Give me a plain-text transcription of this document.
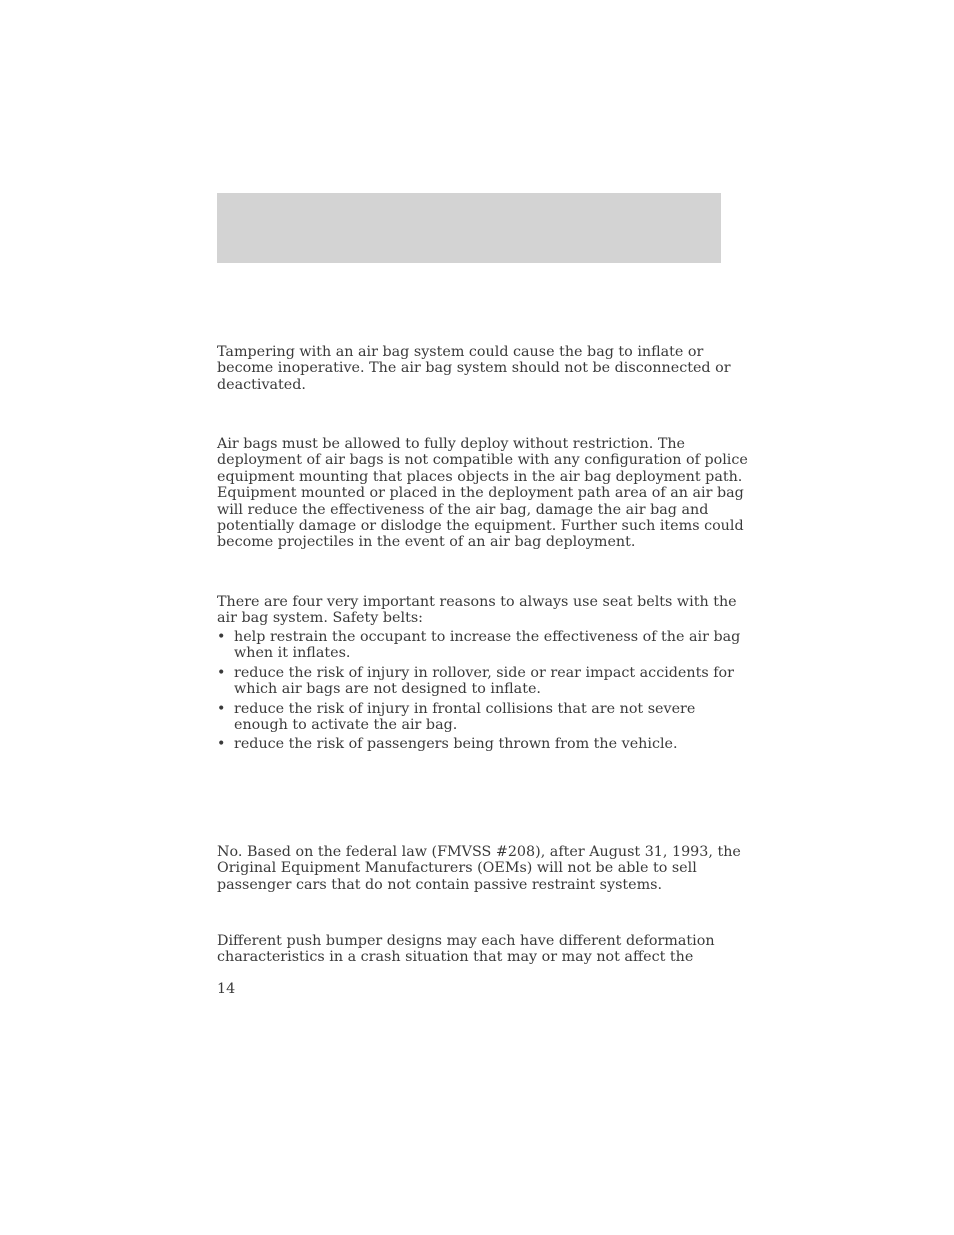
Tampering with an air bag system could cause the bag to inflate or
become inoperative. The air bag system should not be disconnected or
deactivated.

Air bags must be allowed to fully deploy without restriction. The
deployment of air bags is not compatible with any configuration of police
equipment mounting that places objects in the air bag deployment path.
Equipment mounted or placed in the deployment path area of an air bag
will reduce the effectiveness of the air bag, damage the air bag and
potentially damage or dislodge the equipment. Further such items could
become projectiles in the event of an air bag deployment.

There are four very important reasons to always use seat belts with the
air bag system. Safety belts:

• help restrain the occupant to increase the effectiveness of the air bag
when it inflates.
• reduce the risk of injury in rollover, side or rear impact accidents for
which air bags are not designed to inflate.
• reduce the risk of injury in frontal collisions that are not severe
enough to activate the air bag.
• reduce the risk of passengers being thrown from the vehicle.

No. Based on the federal law (FMVSS #208), after August 31, 1993, the
Original Equipment Manufacturers (OEMs) will not be able to sell
passenger cars that do not contain passive restraint systems.

Different push bumper designs may each have different deformation
characteristics in a crash situation that may or may not affect the

14
